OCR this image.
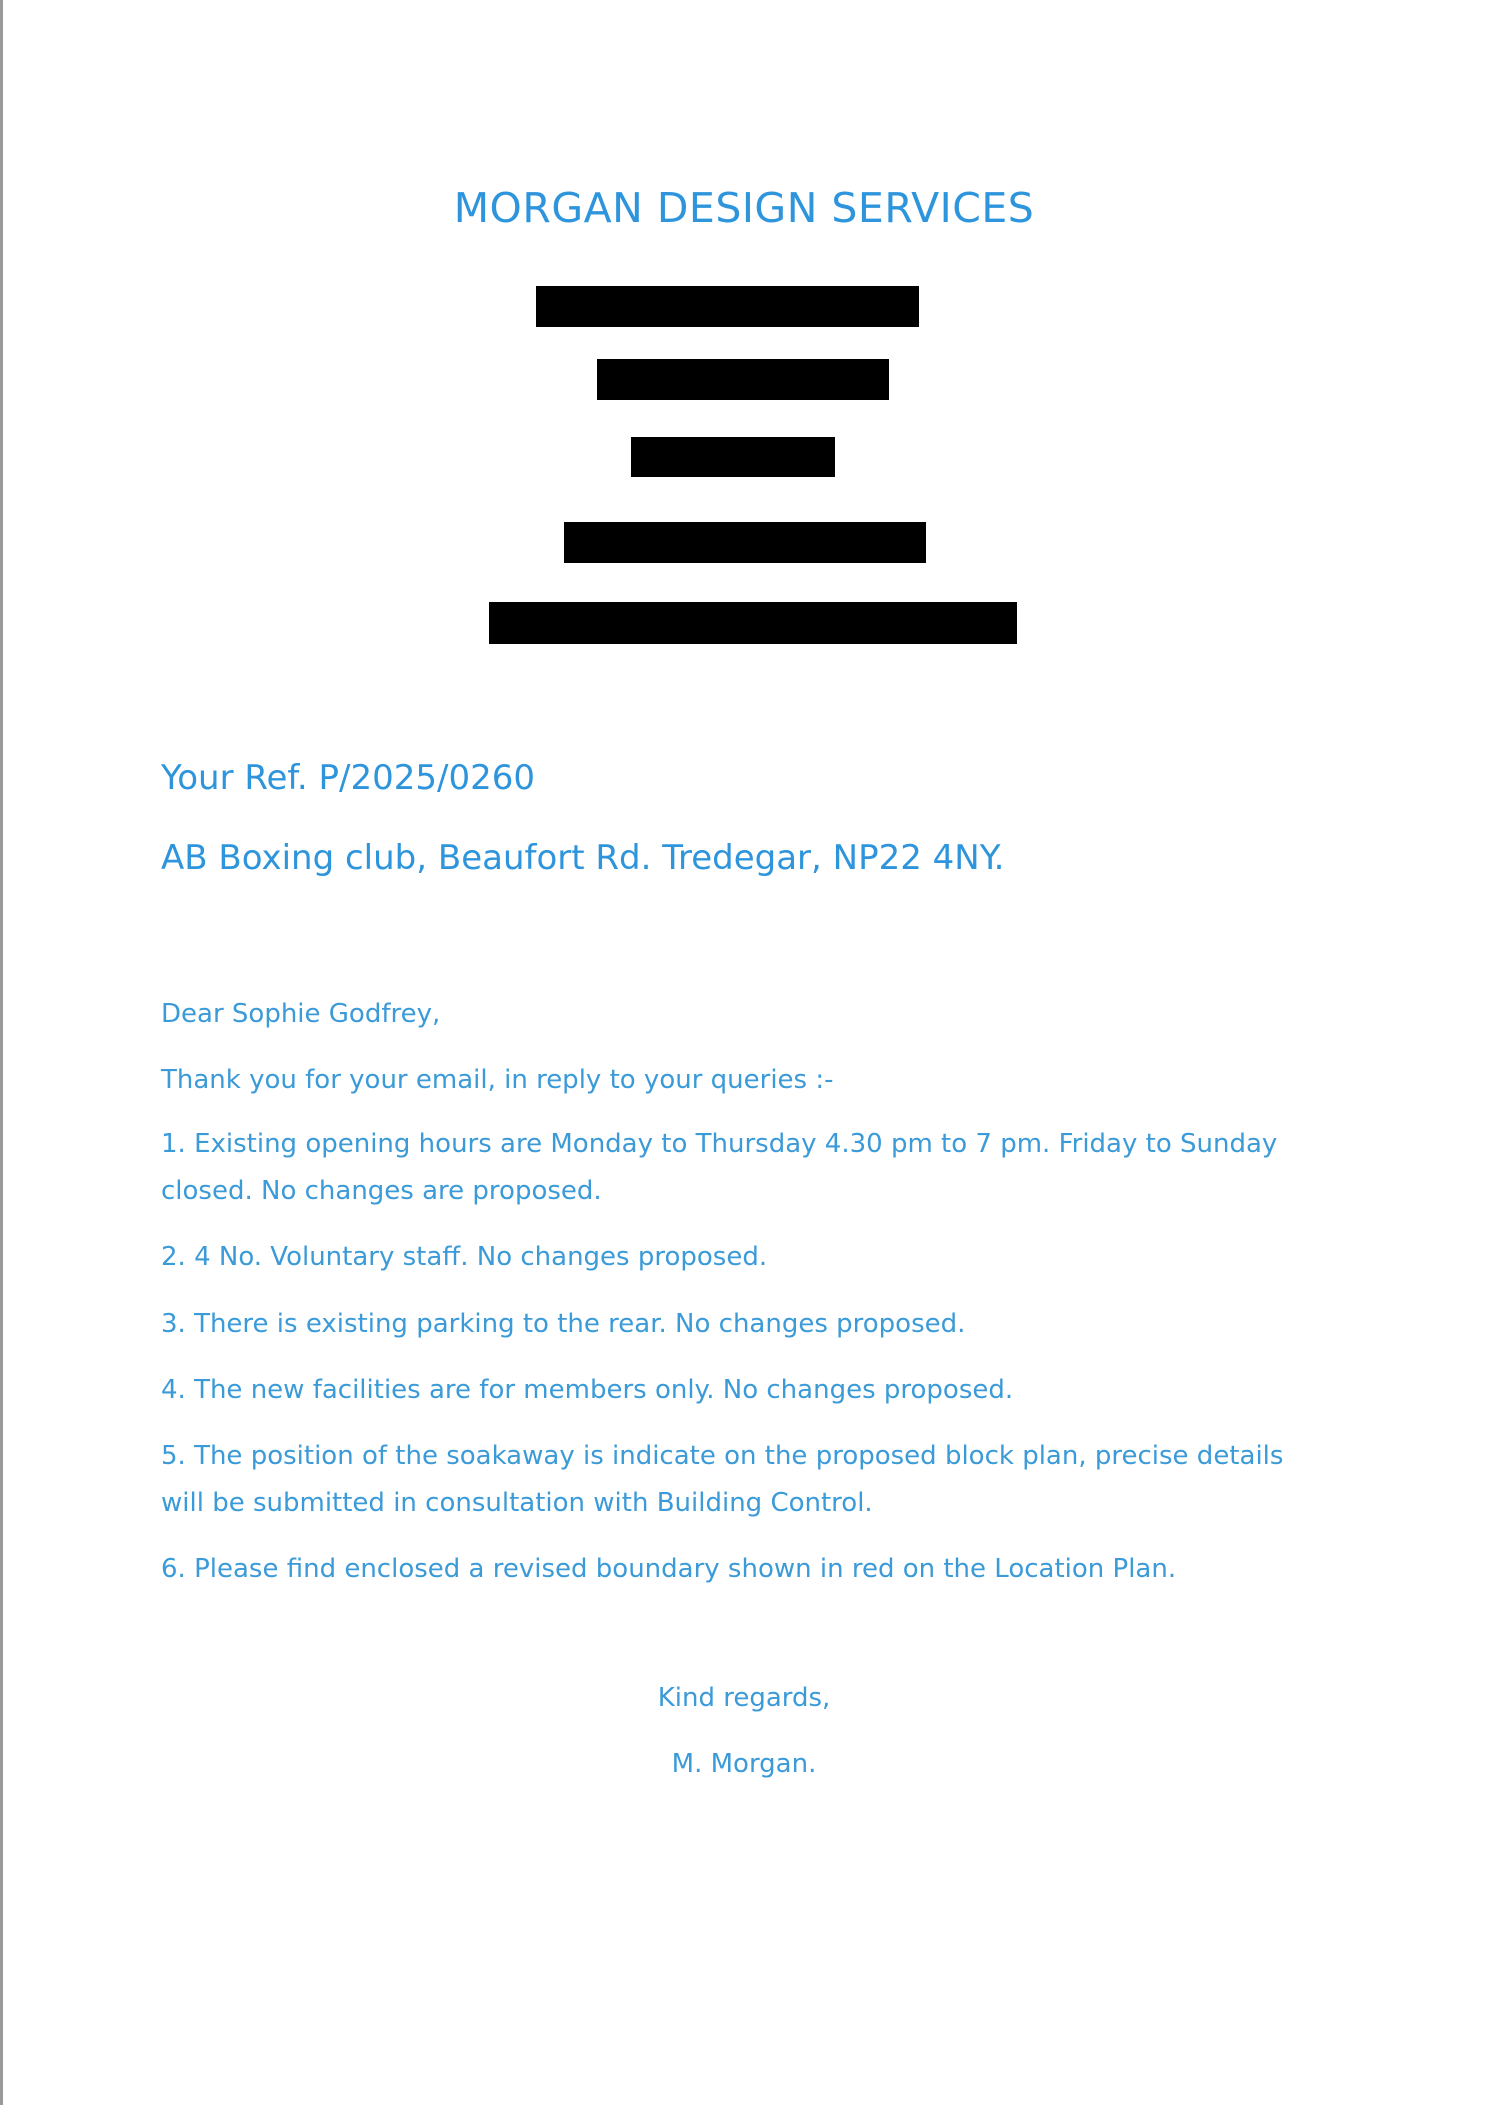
MORGAN DESIGN SERVICES

Your Ref. P/2025/0260

AB Boxing club, Beaufort Rd. Tredegar, NP22 4NY.

Dear Sophie Godfrey,

Thank you for your email, in reply to your queries :-

1. Existing opening hours are Monday to Thursday 4.30 pm to 7 pm. Friday to Sunday closed. No changes are proposed.

2. 4 No. Voluntary staff. No changes proposed.

3. There is existing parking to the rear. No changes proposed.

4. The new facilities are for members only. No changes proposed.

5. The position of the soakaway is indicate on the proposed block plan, precise details will be submitted in consultation with Building Control.

6. Please find enclosed a revised boundary shown in red on the Location Plan.

Kind regards,

M. Morgan.
